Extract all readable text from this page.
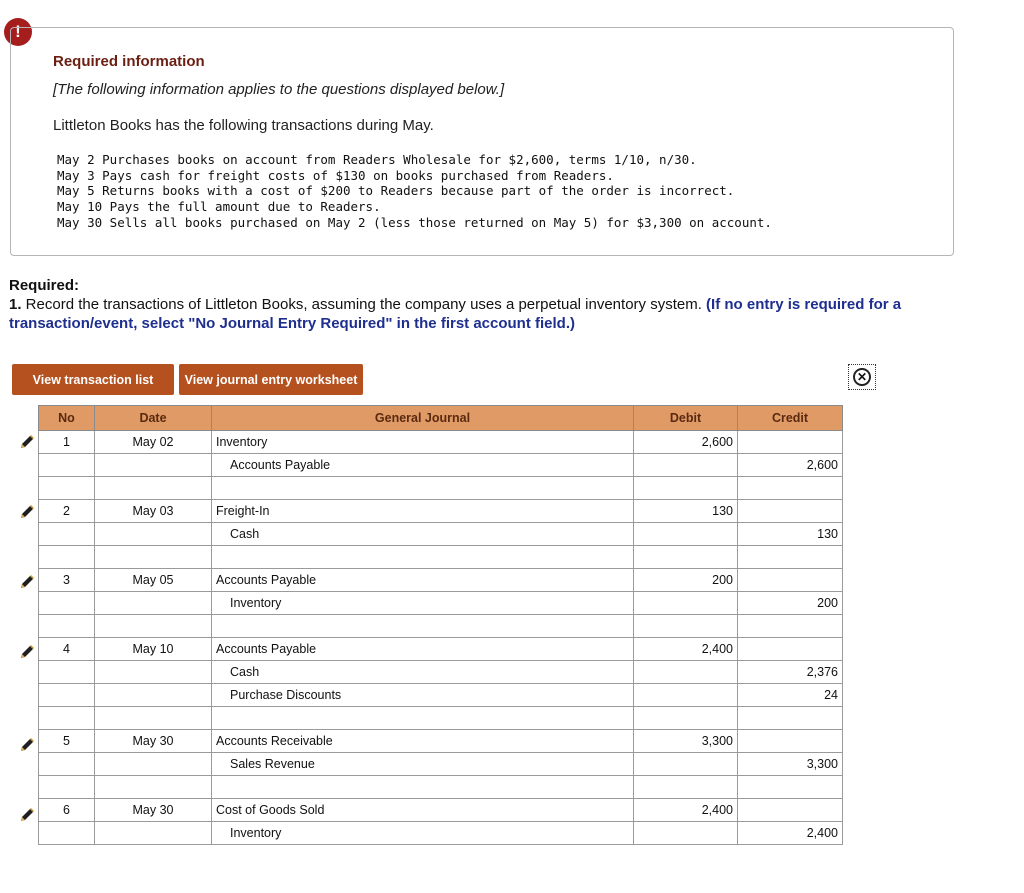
!
Required information
[The following information applies to the questions displayed below.]
Littleton Books has the following transactions during May.
May 2 Purchases books on account from Readers Wholesale for $2,600, terms 1/10, n/30.
May 3 Pays cash for freight costs of $130 on books purchased from Readers.
May 5 Returns books with a cost of $200 to Readers because part of the order is incorrect.
May 10 Pays the full amount due to Readers.
May 30 Sells all books purchased on May 2 (less those returned on May 5) for $3,300 on account.
Required:
1. Record the transactions of Littleton Books, assuming the company uses a perpetual inventory system. (If no entry is required for a transaction/event, select "No Journal Entry Required" in the first account field.)
View transaction list	View journal entry worksheet	✕
No	Date	General Journal	Debit	Credit
1	May 02	Inventory	2,600	
		Accounts Payable		2,600

2	May 03	Freight-In	130	
		Cash		130

3	May 05	Accounts Payable	200	
		Inventory		200

4	May 10	Accounts Payable	2,400	
		Cash		2,376
		Purchase Discounts		24

5	May 30	Accounts Receivable	3,300	
		Sales Revenue		3,300

6	May 30	Cost of Goods Sold	2,400	
		Inventory		2,400
